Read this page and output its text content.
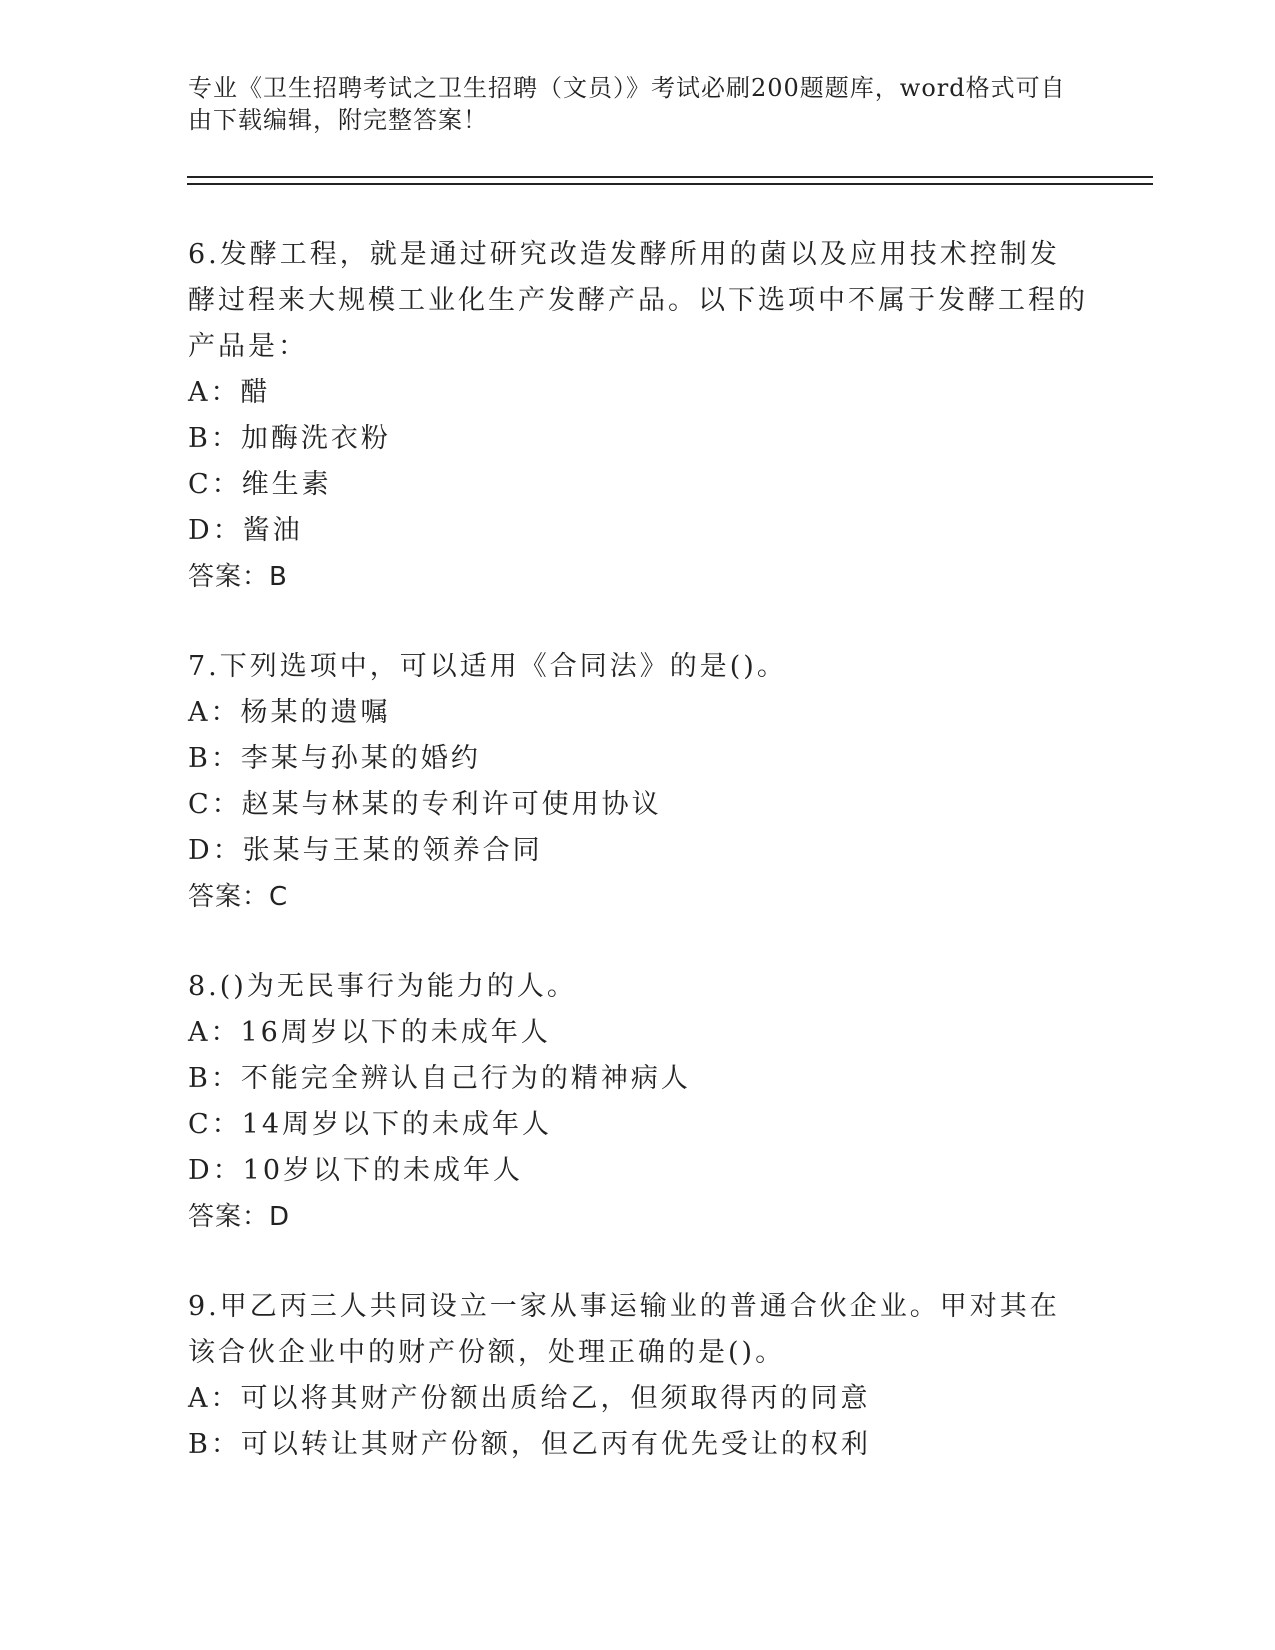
专业《卫生招聘考试之卫生招聘（文员）》考试必刷200题题库，word格式可自由下载编辑，附完整答案！
6.发酵工程，就是通过研究改造发酵所用的菌以及应用技术控制发酵过程来大规模工业化生产发酵产品。以下选项中不属于发酵工程的产品是：
A：醋
B：加酶洗衣粉
C：维生素
D：酱油
答案：B
7.下列选项中，可以适用《合同法》的是()。
A：杨某的遗嘱
B：李某与孙某的婚约
C：赵某与林某的专利许可使用协议
D：张某与王某的领养合同
答案：C
8.()为无民事行为能力的人。
A：16周岁以下的未成年人
B：不能完全辨认自己行为的精神病人
C：14周岁以下的未成年人
D：10岁以下的未成年人
答案：D
9.甲乙丙三人共同设立一家从事运输业的普通合伙企业。甲对其在该合伙企业中的财产份额，处理正确的是()。
A：可以将其财产份额出质给乙，但须取得丙的同意
B：可以转让其财产份额，但乙丙有优先受让的权利
